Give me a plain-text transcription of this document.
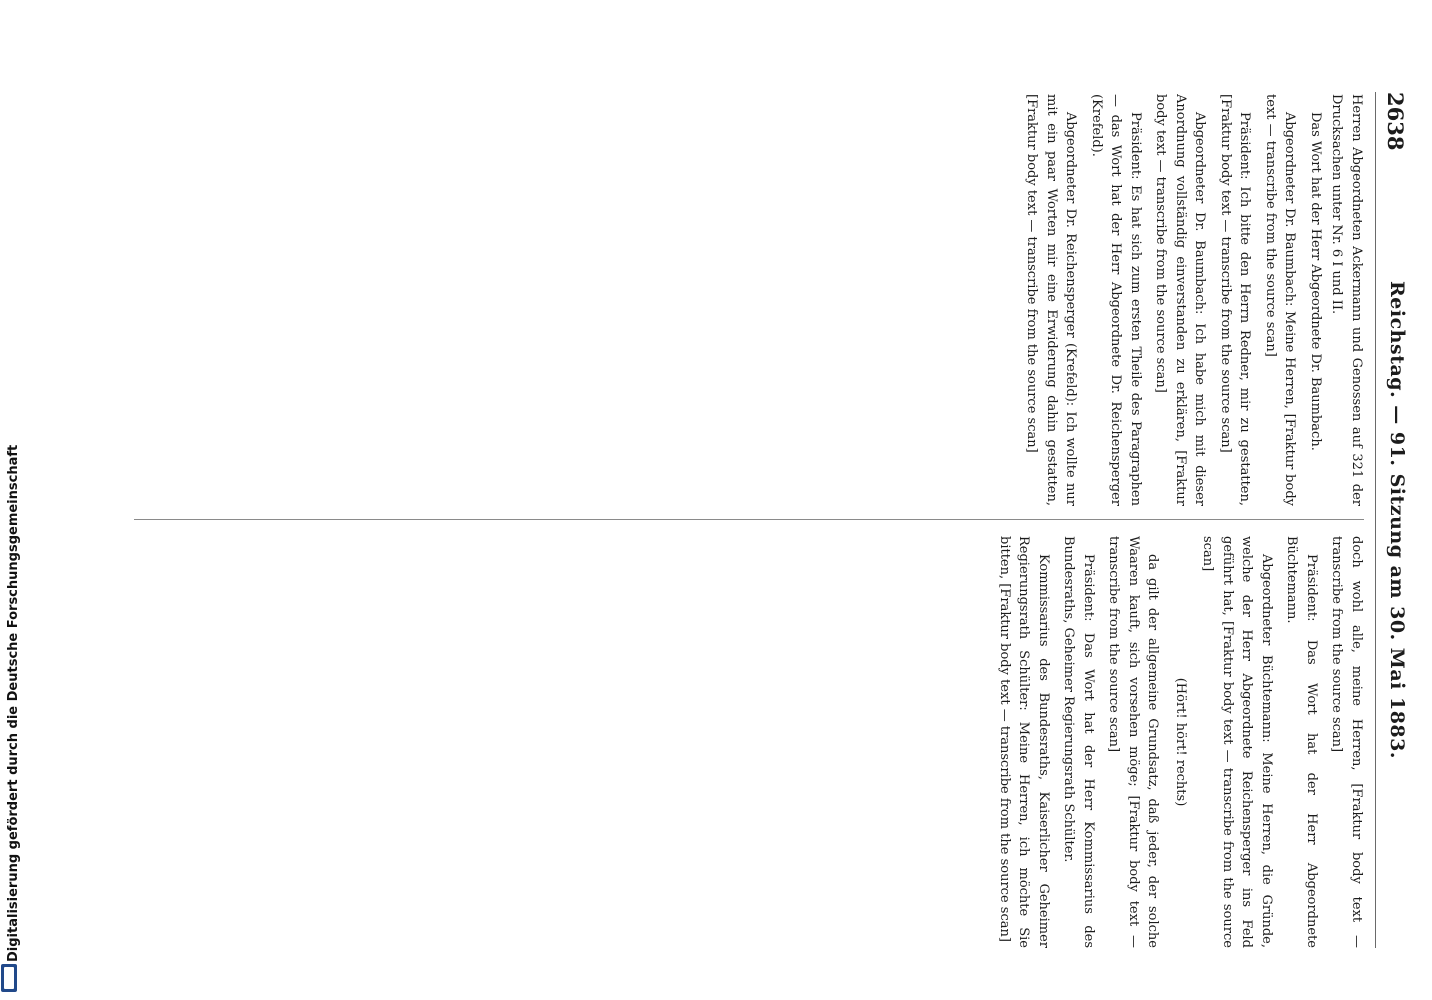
2638
Reichstag. — 91. Sitzung am 30. Mai 1883.

Herren Abgeordneten Ackermann und Genossen auf 321 der Drucksachen unter Nr. 6 I und II.

Das Wort hat der Herr Abgeordnete Dr. Baumbach.

Abgeordneter Dr. Baumbach: Meine Herren, [Fraktur body text — transcribe from the source scan]

Präsident: Ich bitte den Herrn Redner, mir zu gestatten, [Fraktur body text — transcribe from the source scan]

Abgeordneter Dr. Baumbach: Ich habe mich mit dieser Anordnung vollständig einverstanden zu erklären, [Fraktur body text — transcribe from the source scan]

Präsident: Es hat sich zum ersten Theile des Paragraphen — das Wort hat der Herr Abgeordnete Dr. Reichensperger (Krefeld).

Abgeordneter Dr. Reichensperger (Krefeld): Ich wollte nur mit ein paar Worten mir eine Erwiderung dahin gestatten, [Fraktur body text — transcribe from the source scan]

doch wohl alle, meine Herren, [Fraktur body text — transcribe from the source scan]

Präsident: Das Wort hat der Herr Abgeordnete Büchtemann.

Abgeordneter Büchtemann: Meine Herren, die Gründe, welche der Herr Abgeordnete Reichensperger ins Feld geführt hat, [Fraktur body text — transcribe from the source scan]

(Hört! hört! rechts)

da gilt der allgemeine Grundsatz, daß jeder, der solche Waaren kauft, sich vorsehen möge; [Fraktur body text — transcribe from the source scan]

Präsident: Das Wort hat der Herr Kommissarius des Bundesraths, Geheimer Regierungsrath Schülter.

Kommissarius des Bundesraths, Kaiserlicher Geheimer Regierungsrath Schülter: Meine Herren, ich möchte Sie bitten, [Fraktur body text — transcribe from the source scan]

Digitalisierung gefördert durch die Deutsche Forschungsgemeinschaft
